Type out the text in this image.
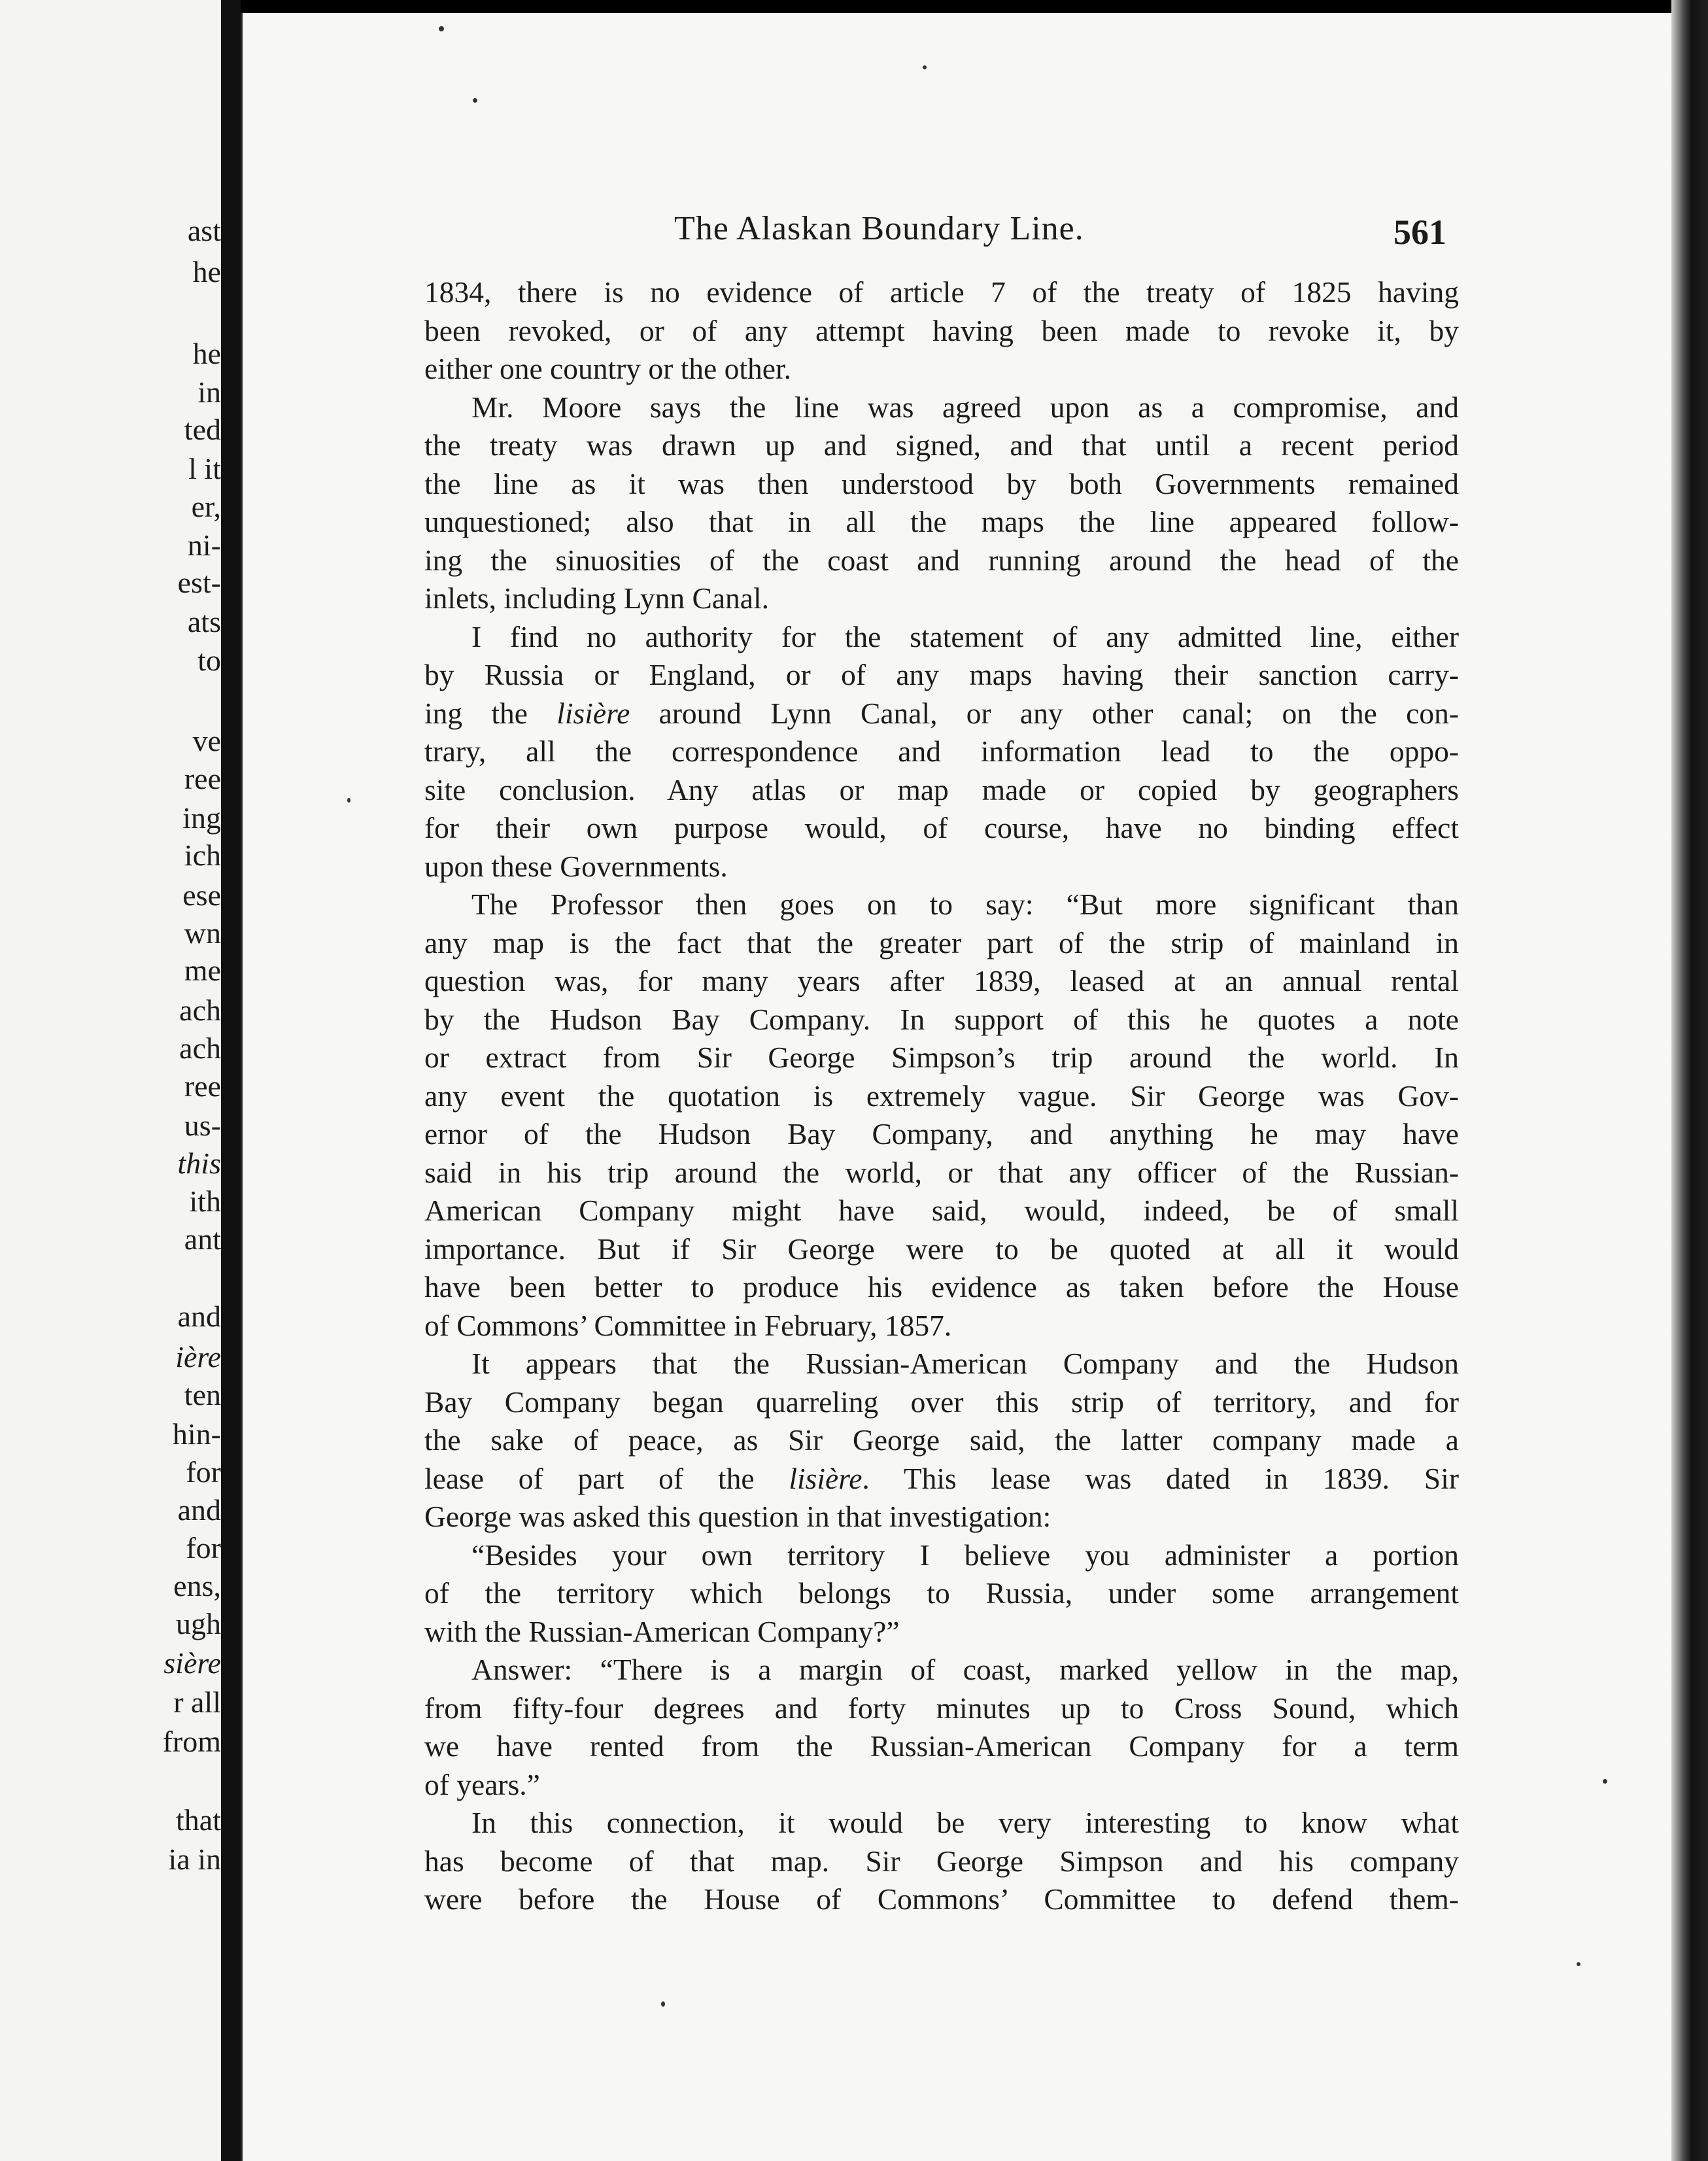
ast
he
he
in
ted
l it
er,
ni-
est-
ats
to
ve
ree
ing
ich
ese
wn
me
ach
ach
ree
us-
this
ith
ant
and
ière
ten
hin-
for
and
for
ens,
ugh
sière
r all
from
that
ia in
The Alaskan Boundary Line.	561
1834, there is no evidence of article 7 of the treaty of 1825 having
been revoked, or of any attempt having been made to revoke it, by
either one country or the other.
Mr. Moore says the line was agreed upon as a compromise, and
the treaty was drawn up and signed, and that until a recent period
the line as it was then understood by both Governments remained
unquestioned; also that in all the maps the line appeared follow-
ing the sinuosities of the coast and running around the head of the
inlets, including Lynn Canal.
I find no authority for the statement of any admitted line, either
by Russia or England, or of any maps having their sanction carry-
ing the lisière around Lynn Canal, or any other canal; on the con-
trary, all the correspondence and information lead to the oppo-
site conclusion. Any atlas or map made or copied by geographers
for their own purpose would, of course, have no binding effect
upon these Governments.
The Professor then goes on to say: “But more significant than
any map is the fact that the greater part of the strip of mainland in
question was, for many years after 1839, leased at an annual rental
by the Hudson Bay Company. In support of this he quotes a note
or extract from Sir George Simpson’s trip around the world. In
any event the quotation is extremely vague. Sir George was Gov-
ernor of the Hudson Bay Company, and anything he may have
said in his trip around the world, or that any officer of the Russian-
American Company might have said, would, indeed, be of small
importance. But if Sir George were to be quoted at all it would
have been better to produce his evidence as taken before the House
of Commons’ Committee in February, 1857.
It appears that the Russian-American Company and the Hudson
Bay Company began quarreling over this strip of territory, and for
the sake of peace, as Sir George said, the latter company made a
lease of part of the lisière. This lease was dated in 1839. Sir
George was asked this question in that investigation:
“Besides your own territory I believe you administer a portion
of the territory which belongs to Russia, under some arrangement
with the Russian-American Company?”
Answer: “There is a margin of coast, marked yellow in the map,
from fifty-four degrees and forty minutes up to Cross Sound, which
we have rented from the Russian-American Company for a term
of years.”
In this connection, it would be very interesting to know what
has become of that map. Sir George Simpson and his company
were before the House of Commons’ Committee to defend them-
